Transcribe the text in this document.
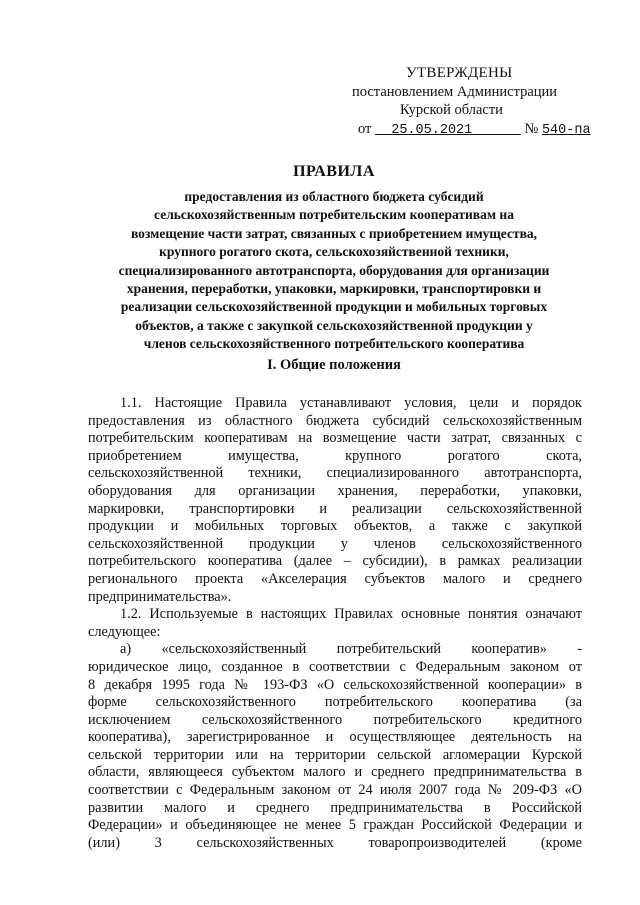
УТВЕРЖДЕНЫ
постановлением Администрации
Курской области
от 25.05.2021	№ 540-па
ПРАВИЛА
предоставления из областного бюджета субсидий
сельскохозяйственным потребительским кооперативам на
возмещение части затрат, связанных с приобретением имущества,
крупного рогатого скота, сельскохозяйственной техники,
специализированного автотранспорта, оборудования для организации
хранения, переработки, упаковки, маркировки, транспортировки и
реализации сельскохозяйственной продукции и мобильных торговых
объектов, а также с закупкой сельскохозяйственной продукции у
членов сельскохозяйственного потребительского кооператива
I. Общие положения
1.1. Настоящие Правила устанавливают условия, цели и порядок
предоставления из областного бюджета субсидий сельскохозяйственным
потребительским кооперативам на возмещение части затрат, связанных с
приобретением имущества, крупного рогатого скота,
сельскохозяйственной техники, специализированного автотранспорта,
оборудования для организации хранения, переработки, упаковки,
маркировки, транспортировки и реализации сельскохозяйственной
продукции и мобильных торговых объектов, а также с закупкой
сельскохозяйственной продукции у членов сельскохозяйственного
потребительского кооператива (далее – субсидии), в рамках реализации
регионального проекта «Акселерация субъектов малого и среднего
предпринимательства».
1.2. Используемые в настоящих Правилах основные понятия означают
следующее:
а) «сельскохозяйственный потребительский кооператив» -
юридическое лицо, созданное в соответствии с Федеральным законом от
8 декабря 1995 года № 193-ФЗ «О сельскохозяйственной кооперации» в
форме сельскохозяйственного потребительского кооператива (за
исключением сельскохозяйственного потребительского кредитного
кооператива), зарегистрированное и осуществляющее деятельность на
сельской территории или на территории сельской агломерации Курской
области, являющееся субъектом малого и среднего предпринимательства в
соответствии с Федеральным законом от 24 июля 2007 года № 209-ФЗ «О
развитии малого и среднего предпринимательства в Российской
Федерации» и объединяющее не менее 5 граждан Российской Федерации и
(или) 3 сельскохозяйственных товаропроизводителей (кроме
